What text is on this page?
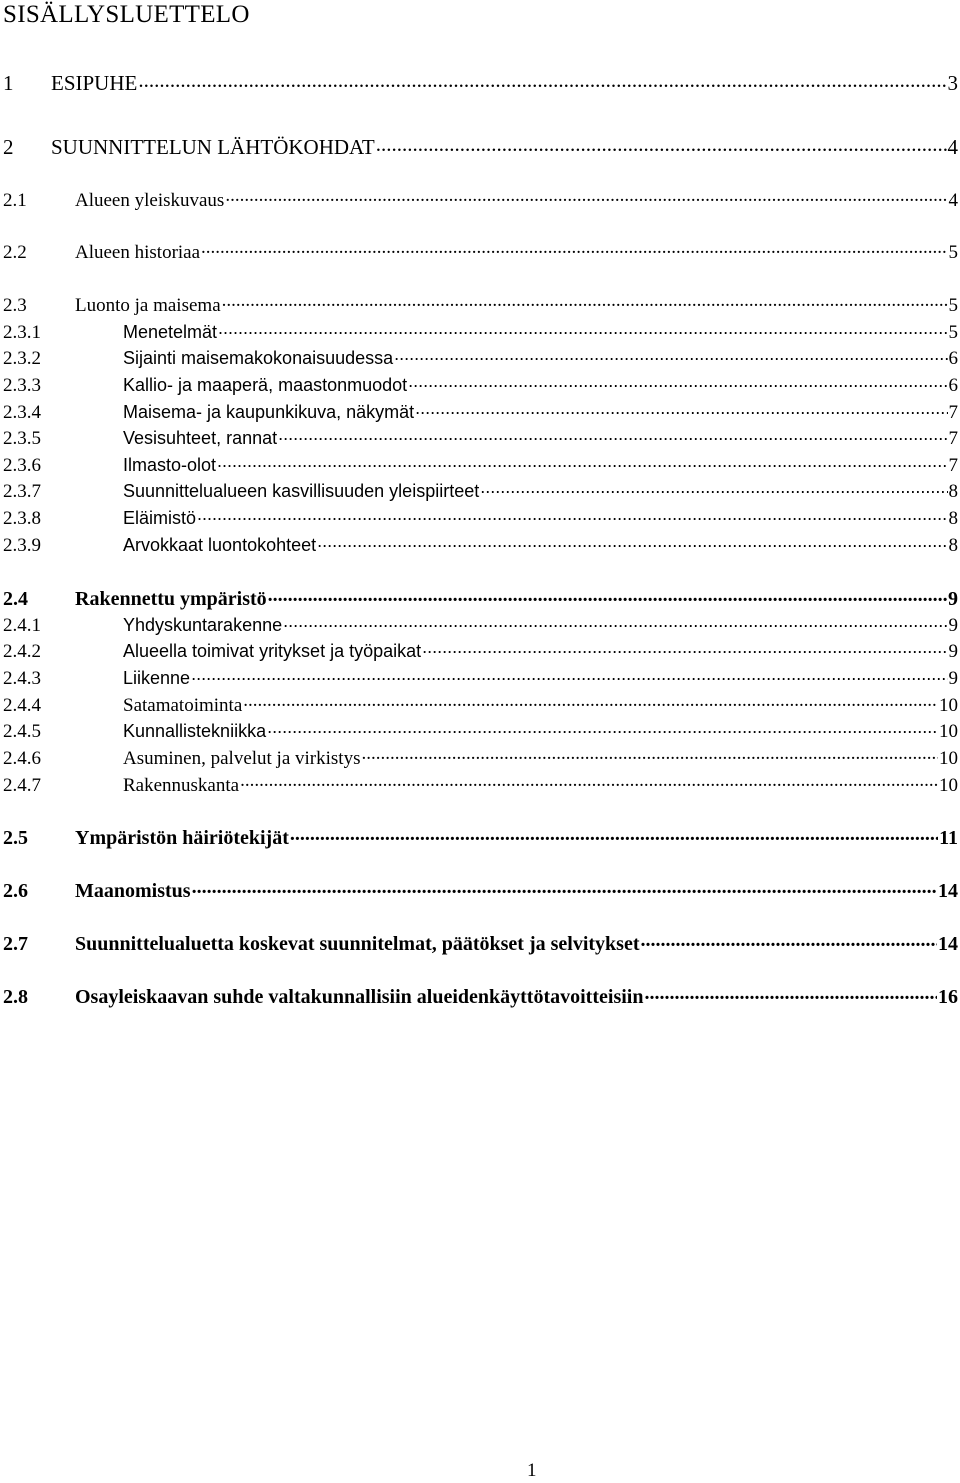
SISÄLLYSLUETTELO
1	ESIPUHE .....	3
2	SUUNNITTELUN LÄHTÖKOHDAT .....	4
2.1	Alueen yleiskuvaus .....	4
2.2	Alueen historiaa .....	5
2.3	Luonto ja maisema .....	5
2.3.1	Menetelmät .....	5
2.3.2	Sijainti maisemakokonaisuudessa .....	6
2.3.3	Kallio- ja maaperä, maastonmuodot .....	6
2.3.4	Maisema- ja kaupunkikuva, näkymät .....	7
2.3.5	Vesisuhteet, rannat .....	7
2.3.6	Ilmasto-olot .....	7
2.3.7	Suunnittelualueen kasvillisuuden yleispiirteet .....	8
2.3.8	Eläimistö .....	8
2.3.9	Arvokkaat luontokohteet .....	8
2.4	Rakennettu ympäristö .....	9
2.4.1	Yhdyskuntarakenne .....	9
2.4.2	Alueella toimivat yritykset ja työpaikat .....	9
2.4.3	Liikenne .....	9
2.4.4	Satamatoiminta .....	10
2.4.5	Kunnallistekniikka .....	10
2.4.6	Asuminen, palvelut ja virkistys .....	10
2.4.7	Rakennuskanta .....	10
2.5	Ympäristön häiriötekijät .....	11
2.6	Maanomistus .....	14
2.7	Suunnittelualuetta koskevat suunnitelmat, päätökset ja selvitykset .....	14
2.8	Osayleiskaavan suhde valtakunnallisiin alueidenkäyttötavoitteisiin .....	16
1
